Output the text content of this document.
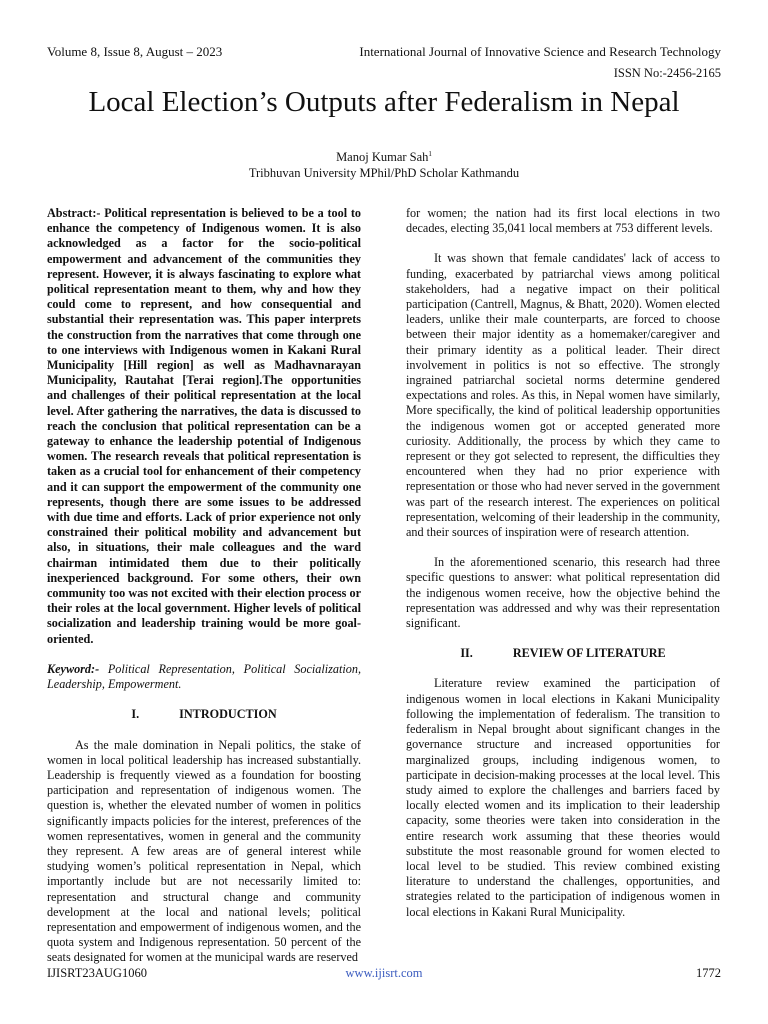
Volume 8, Issue 8, August – 2023	International Journal of Innovative Science and Research Technology
ISSN No:-2456-2165
Local Election’s Outputs after Federalism in Nepal
Manoj Kumar Sah$^1$
Tribhuvan University MPhil/PhD Scholar Kathmandu

Abstract:- Political representation is believed to be a tool to enhance the competency of Indigenous women. It is also acknowledged as a factor for the socio-political empowerment and advancement of the communities they represent. However, it is always fascinating to explore what political representation meant to them, why and how they could come to represent, and how consequential and substantial their representation was. This paper interprets the construction from the narratives that come through one to one interviews with Indigenous women in Kakani Rural Municipality [Hill region] as well as Madhavnarayan Municipality, Rautahat [Terai region].The opportunities and challenges of their political representation at the local level. After gathering the narratives, the data is discussed to reach the conclusion that political representation can be a gateway to enhance the leadership potential of Indigenous women. The research reveals that political representation is taken as a crucial tool for enhancement of their competency and it can support the empowerment of the community one represents, though there are some issues to be addressed with due time and efforts. Lack of prior experience not only constrained their political mobility and advancement but also, in situations, their male colleagues and the ward chairman intimidated them due to their politically inexperienced background. For some others, their own community too was not excited with their election process or their roles at the local government. Higher levels of political socialization and leadership training would be more goal-oriented.

Keyword:- Political Representation, Political Socialization, Leadership, Empowerment.

I.	INTRODUCTION

As the male domination in Nepali politics, the stake of women in local political leadership has increased substantially. Leadership is frequently viewed as a foundation for boosting participation and representation of indigenous women. The question is, whether the elevated number of women in politics significantly impacts policies for the interest, preferences of the women representatives, women in general and the community they represent. A few areas are of general interest while studying women’s political representation in Nepal, which importantly include but are not necessarily limited to: representation and structural change and community development at the local and national levels; political representation and empowerment of indigenous women, and the quota system and Indigenous representation. 50 percent of the seats designated for women at the municipal wards are reserved

for women; the nation had its first local elections in two decades, electing 35,041 local members at 753 different levels.

It was shown that female candidates' lack of access to funding, exacerbated by patriarchal views among political stakeholders, had a negative impact on their political participation (Cantrell, Magnus, & Bhatt, 2020). Women elected leaders, unlike their male counterparts, are forced to choose between their major identity as a homemaker/caregiver and their primary identity as a political leader. Their direct involvement in politics is not so effective. The strongly ingrained patriarchal societal norms determine gendered expectations and roles. As this, in Nepal women have similarly, More specifically, the kind of political leadership opportunities the indigenous women got or accepted generated more curiosity. Additionally, the process by which they came to represent or they got selected to represent, the difficulties they encountered when they had no prior experience with representation or those who had never served in the government was part of the research interest. The experiences on political representation, welcoming of their leadership in the community, and their sources of inspiration were of research attention.

In the aforementioned scenario, this research had three specific questions to answer: what political representation did the indigenous women receive, how the objective behind the representation was addressed and why was their representation significant.

II.	REVIEW OF LITERATURE

Literature review examined the participation of indigenous women in local elections in Kakani Municipality following the implementation of federalism. The transition to federalism in Nepal brought about significant changes in the governance structure and increased opportunities for marginalized groups, including indigenous women, to participate in decision-making processes at the local level. This study aimed to explore the challenges and barriers faced by locally elected women and its implication to their leadership capacity, some theories were taken into consideration in the entire research work assuming that these theories would substitute the most reasonable ground for women elected to local level to be studied. This review combined existing literature to understand the challenges, opportunities, and strategies related to the participation of indigenous women in local elections in Kakani Rural Municipality.

IJISRT23AUG1060	www.ijisrt.com	1772
